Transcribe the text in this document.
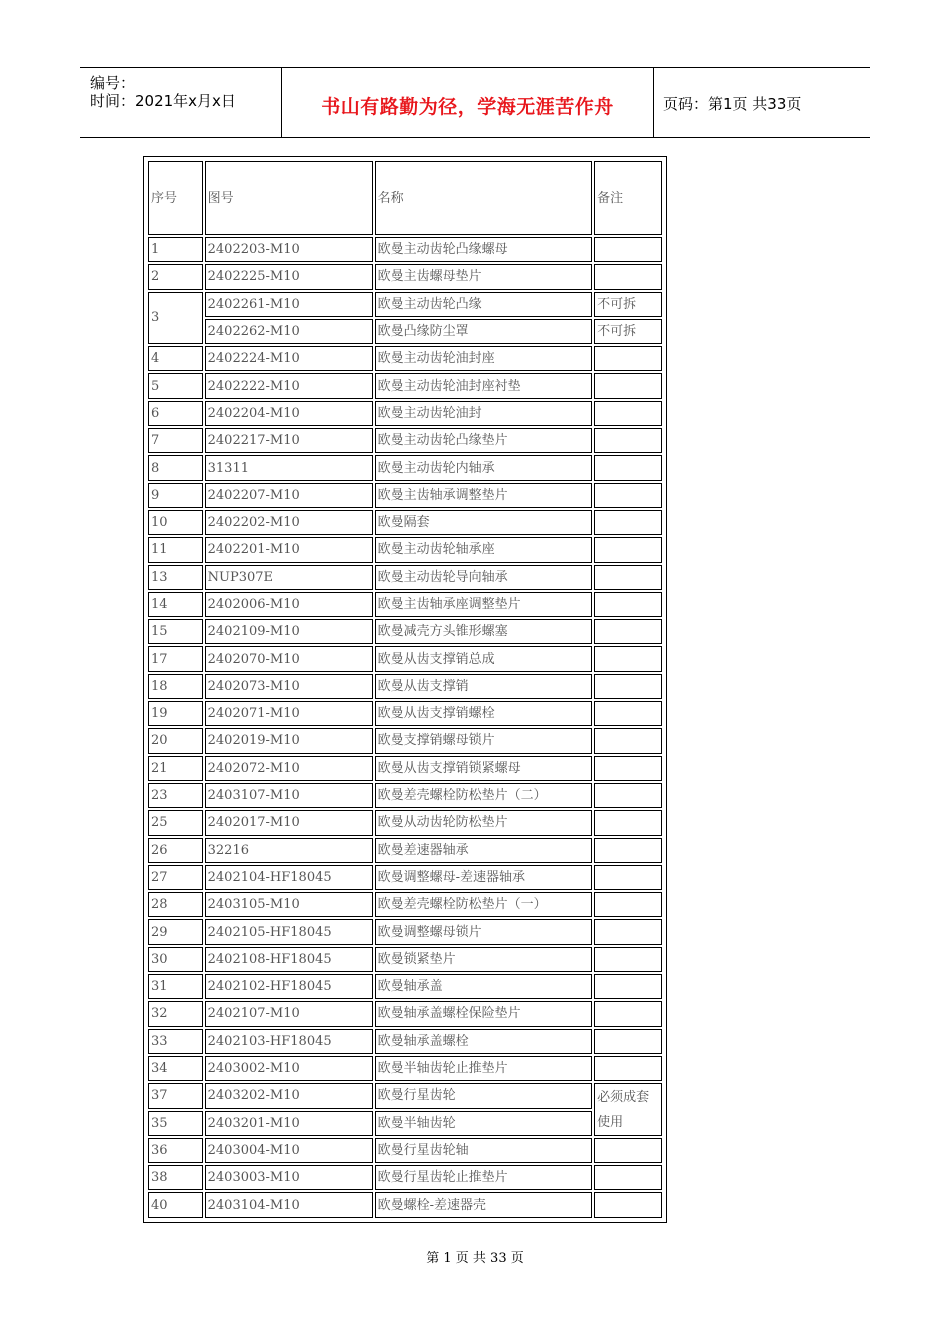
编号：
时间：2021年x月x日	书山有路勤为径，学海无涯苦作舟	页码：第1页 共33页
序号	图号	名称	备注
1	2402203-M10	欧曼主动齿轮凸缘螺母	
2	2402225-M10	欧曼主齿螺母垫片	
3	2402261-M10	欧曼主动齿轮凸缘	不可拆
	2402262-M10	欧曼凸缘防尘罩	不可拆
4	2402224-M10	欧曼主动齿轮油封座	
5	2402222-M10	欧曼主动齿轮油封座衬垫	
6	2402204-M10	欧曼主动齿轮油封	
7	2402217-M10	欧曼主动齿轮凸缘垫片	
8	31311	欧曼主动齿轮内轴承	
9	2402207-M10	欧曼主齿轴承调整垫片	
10	2402202-M10	欧曼隔套	
11	2402201-M10	欧曼主动齿轮轴承座	
13	NUP307E	欧曼主动齿轮导向轴承	
14	2402006-M10	欧曼主齿轴承座调整垫片	
15	2402109-M10	欧曼减壳方头锥形螺塞	
17	2402070-M10	欧曼从齿支撑销总成	
18	2402073-M10	欧曼从齿支撑销	
19	2402071-M10	欧曼从齿支撑销螺栓	
20	2402019-M10	欧曼支撑销螺母锁片	
21	2402072-M10	欧曼从齿支撑销锁紧螺母	
23	2403107-M10	欧曼差壳螺栓防松垫片（二）	
25	2402017-M10	欧曼从动齿轮防松垫片	
26	32216	欧曼差速器轴承	
27	2402104-HF18045	欧曼调整螺母-差速器轴承	
28	2403105-M10	欧曼差壳螺栓防松垫片（一）	
29	2402105-HF18045	欧曼调整螺母锁片	
30	2402108-HF18045	欧曼锁紧垫片	
31	2402102-HF18045	欧曼轴承盖	
32	2402107-M10	欧曼轴承盖螺栓保险垫片	
33	2402103-HF18045	欧曼轴承盖螺栓	
34	2403002-M10	欧曼半轴齿轮止推垫片	
37	2403202-M10	欧曼行星齿轮	必须成套使用
35	2403201-M10	欧曼半轴齿轮	
36	2403004-M10	欧曼行星齿轮轴	
38	2403003-M10	欧曼行星齿轮止推垫片	
40	2403104-M10	欧曼螺栓-差速器壳	
第 1 页 共 33 页
